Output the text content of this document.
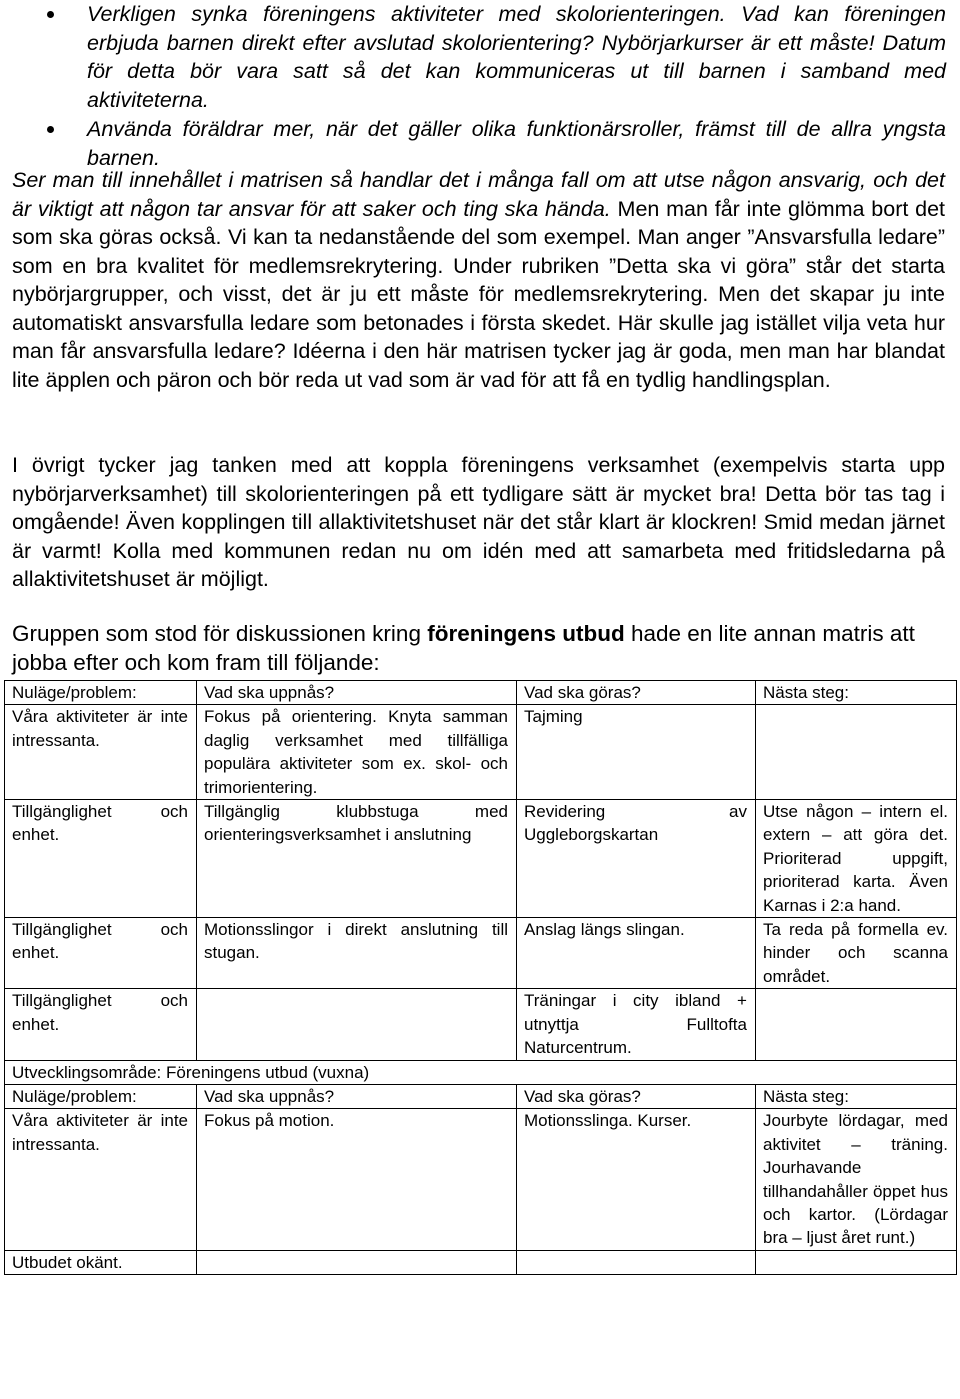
Verkligen synka föreningens aktiviteter med skolorienteringen. Vad kan föreningen erbjuda barnen direkt efter avslutad skolorientering? Nybörjarkurser är ett måste! Datum för detta bör vara satt så det kan kommuniceras ut till barnen i samband med aktiviteterna.
Använda föräldrar mer, när det gäller olika funktionärsroller, främst till de allra yngsta barnen.

Ser man till innehållet i matrisen så handlar det i många fall om att utse någon ansvarig, och det är viktigt att någon tar ansvar för att saker och ting ska hända. Men man får inte glömma bort det som ska göras också. Vi kan ta nedanstående del som exempel. Man anger ”Ansvarsfulla ledare” som en bra kvalitet för medlemsrekrytering. Under rubriken ”Detta ska vi göra” står det starta nybörjargrupper, och visst, det är ju ett måste för medlemsrekrytering. Men det skapar ju inte automatiskt ansvarsfulla ledare som betonades i första skedet. Här skulle jag istället vilja veta hur man får ansvarsfulla ledare? Idéerna i den här matrisen tycker jag är goda, men man har blandat lite äpplen och päron och bör reda ut vad som är vad för att få en tydlig handlingsplan.

I övrigt tycker jag tanken med att koppla föreningens verksamhet (exempelvis starta upp nybörjarverksamhet) till skolorienteringen på ett tydligare sätt är mycket bra! Detta bör tas tag i omgående! Även kopplingen till allaktivitetshuset när det står klart är klockren! Smid medan järnet är varmt! Kolla med kommunen redan nu om idén med att samarbeta med fritidsledarna på allaktivitetshuset är möjligt.

Gruppen som stod för diskussionen kring föreningens utbud hade en lite annan matris att jobba efter och kom fram till följande:

Nuläge/problem:	Vad ska uppnås?	Vad ska göras?	Nästa steg:
Våra aktiviteter är inte intressanta.	Fokus på orientering. Knyta samman daglig verksamhet med tillfälliga populära aktiviteter som ex. skol- och trimorientering.	Tajming	
Tillgänglighet och enhet.	Tillgänglig klubbstuga med orienteringsverksamhet i anslutning	Revidering av Uggleborgskartan	Utse någon – intern el. extern – att göra det. Prioriterad uppgift, prioriterad karta. Även Karnas i 2:a hand.
Tillgänglighet och enhet.	Motionsslingor i direkt anslutning till stugan.	Anslag längs slingan.	Ta reda på formella ev. hinder och scanna området.
Tillgänglighet och enhet.		Träningar i city ibland + utnyttja Fulltofta Naturcentrum.	
Utvecklingsområde: Föreningens utbud (vuxna)			
Nuläge/problem:	Vad ska uppnås?	Vad ska göras?	Nästa steg:
Våra aktiviteter är inte intressanta.	Fokus på motion.	Motionsslinga. Kurser.	Jourbyte lördagar, med aktivitet – träning. Jourhavande tillhandahåller öppet hus och kartor. (Lördagar bra – ljust året runt.)
Utbudet okänt.			
